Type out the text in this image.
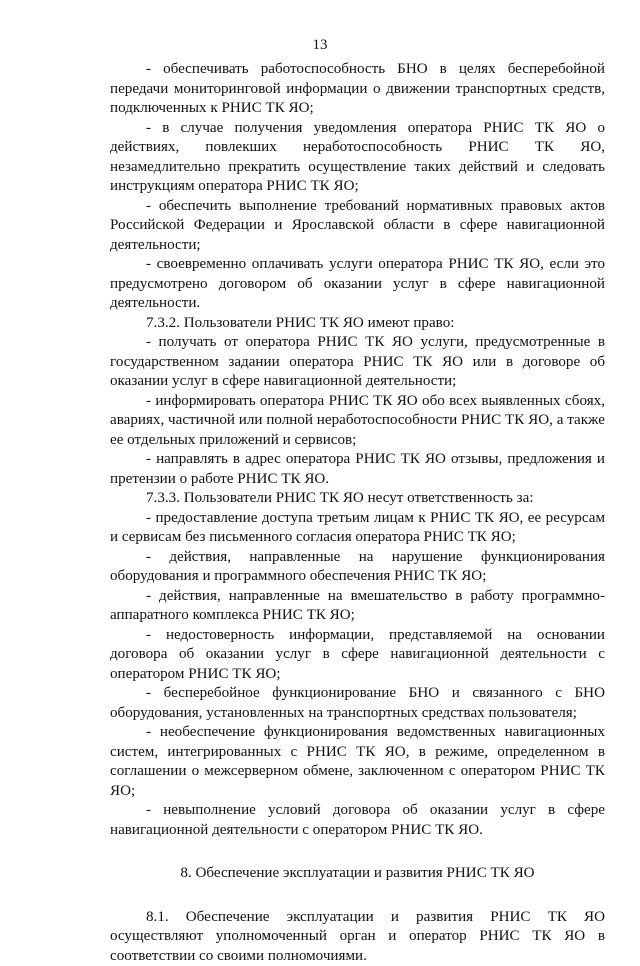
13

- обеспечивать работоспособность БНО в целях бесперебойной передачи мониторинговой информации о движении транспортных средств, подключенных к РНИС ТК ЯО;

- в случае получения уведомления оператора РНИС ТК ЯО о действиях, повлекших неработоспособность РНИС ТК ЯО, незамедлительно прекратить осуществление таких действий и следовать инструкциям оператора РНИС ТК ЯО;

- обеспечить выполнение требований нормативных правовых актов Российской Федерации и Ярославской области в сфере навигационной деятельности;

- своевременно оплачивать услуги оператора РНИС ТК ЯО, если это предусмотрено договором об оказании услуг в сфере навигационной деятельности.

7.3.2. Пользователи РНИС ТК ЯО имеют право:

- получать от оператора РНИС ТК ЯО услуги, предусмотренные в государственном задании оператора РНИС ТК ЯО или в договоре об оказании услуг в сфере навигационной деятельности;

- информировать оператора РНИС ТК ЯО обо всех выявленных сбоях, авариях, частичной или полной неработоспособности РНИС ТК ЯО, а также ее отдельных приложений и сервисов;

- направлять в адрес оператора РНИС ТК ЯО отзывы, предложения и претензии о работе РНИС ТК ЯО.

7.3.3. Пользователи РНИС ТК ЯО несут ответственность за:

- предоставление доступа третьим лицам к РНИС ТК ЯО, ее ресурсам и сервисам без письменного согласия оператора РНИС ТК ЯО;

- действия, направленные на нарушение функционирования оборудования и программного обеспечения РНИС ТК ЯО;

- действия, направленные на вмешательство в работу программно-аппаратного комплекса РНИС ТК ЯО;

- недостоверность информации, представляемой на основании договора об оказании услуг в сфере навигационной деятельности с оператором РНИС ТК ЯО;

- бесперебойное функционирование БНО и связанного с БНО оборудования, установленных на транспортных средствах пользователя;

- необеспечение функционирования ведомственных навигационных систем, интегрированных с РНИС ТК ЯО, в режиме, определенном в соглашении о межсерверном обмене, заключенном с оператором РНИС ТК ЯО;

- невыполнение условий договора об оказании услуг в сфере навигационной деятельности с оператором РНИС ТК ЯО.

8. Обеспечение эксплуатации и развития РНИС ТК ЯО

8.1. Обеспечение эксплуатации и развития РНИС ТК ЯО осуществляют уполномоченный орган и оператор РНИС ТК ЯО в соответствии со своими полномочиями.
